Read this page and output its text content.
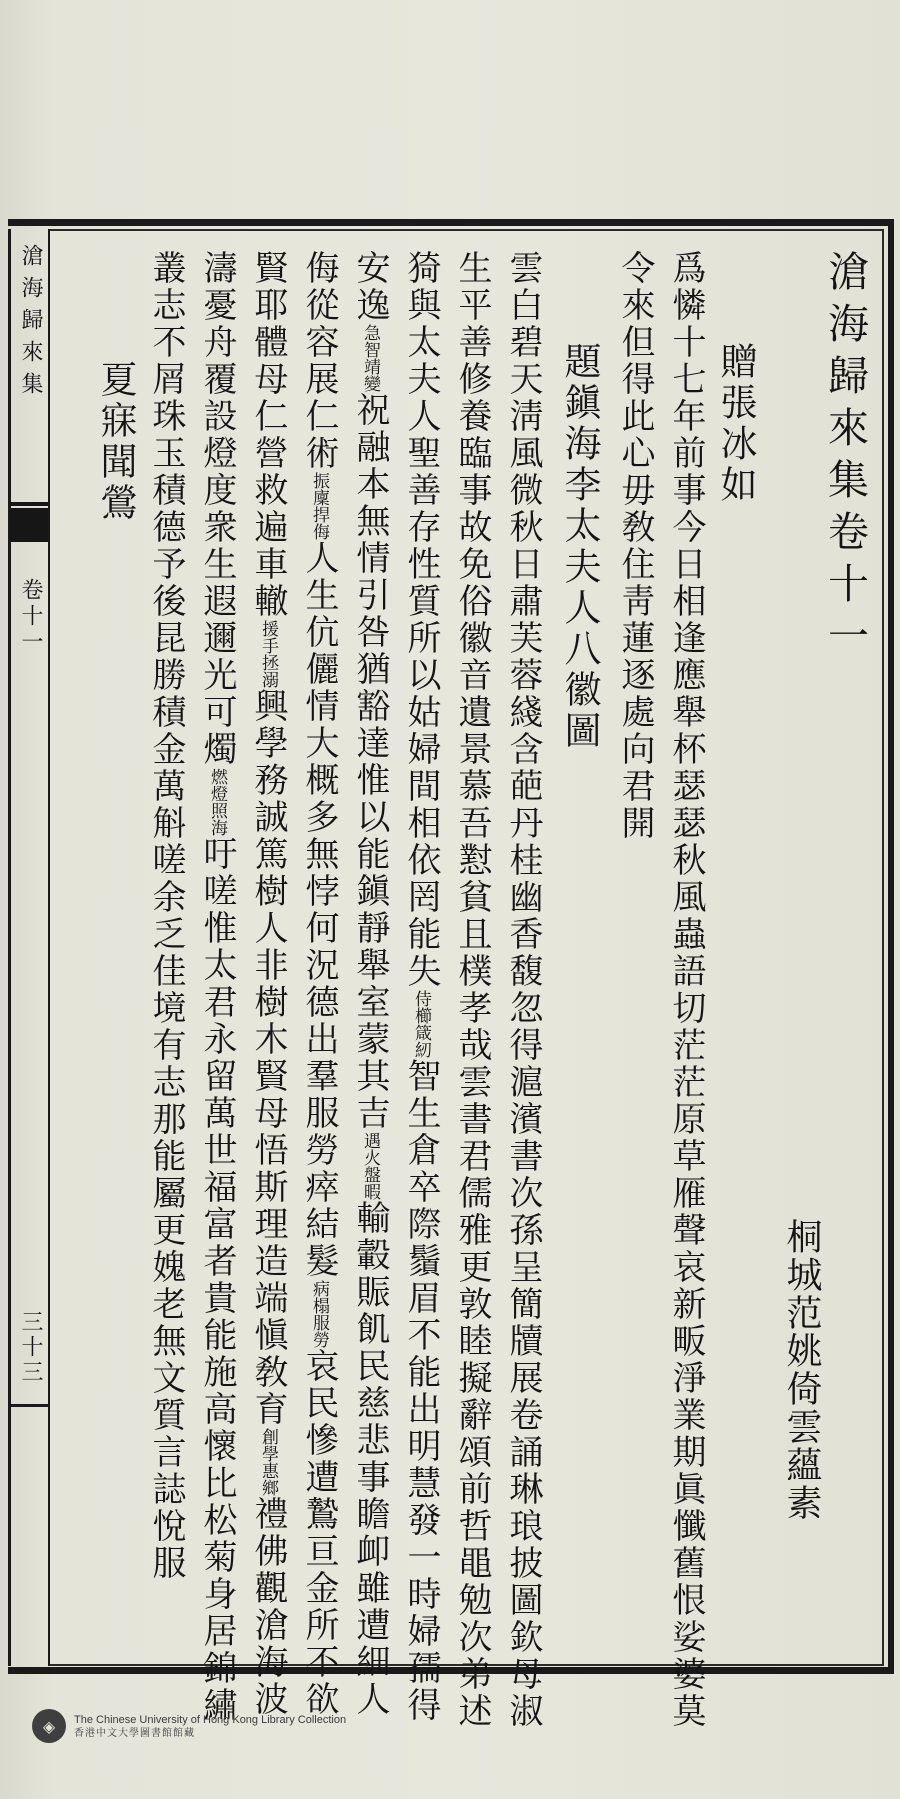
滄海歸來集
卷十一
三十三
滄海歸來集卷十一
桐城范姚倚雲蘊素
贈張冰如
爲憐十七年前事今日相逢應舉杯瑟瑟秋風蟲語切茫茫原草雁聲哀新畈淨業期眞懺舊恨娑婆莫
令來但得此心毋敎住靑蓮逐處向君開
題鎭海李太夫人八徽圖
雲白碧天淸風微秋日肅芙蓉綫含葩丹桂幽香馥忽得滬濱書次孫呈簡牘展卷誦琳琅披圖欽母淑
生平善修養臨事故免俗徽音遺景慕吾懟貧且樸孝哉雲書君儒雅更敦睦擬辭頌前哲黽勉次弟述
猗與太夫人聖善存性質所以姑婦間相依罔能失侍櫛箴紉智生倉卒際鬚眉不能出明慧發一時婦孺得
安逸急智靖變祝融本無情引咎猶豁達惟以能鎭靜舉室蒙其吉遇火盤暇輸轂賑飢民慈悲事瞻卹雖遭細人
侮從容展仁術振廩捍侮人生伉儷情大概多無悖何況德出羣服勞瘁結髮病榻服勞哀民慘遭鷙亘金所不欲
賢耶體母仁營救遍車轍援手拯溺興學務誠篤樹人非樹木賢母悟斯理造端愼敎育創學惠鄉禮佛觀滄海波
濤憂舟覆設燈度衆生遐邇光可燭燃燈照海吁嗟惟太君永留萬世福富者貴能施高懷比松菊身居錦繡
叢志不屑珠玉積德予後昆勝積金萬斛嗟余乏佳境有志那能屬更媿老無文質言誌悅服
夏寐聞鶯
◈	The Chinese University of Hong Kong Library Collection
香港中文大學圖書館館藏
